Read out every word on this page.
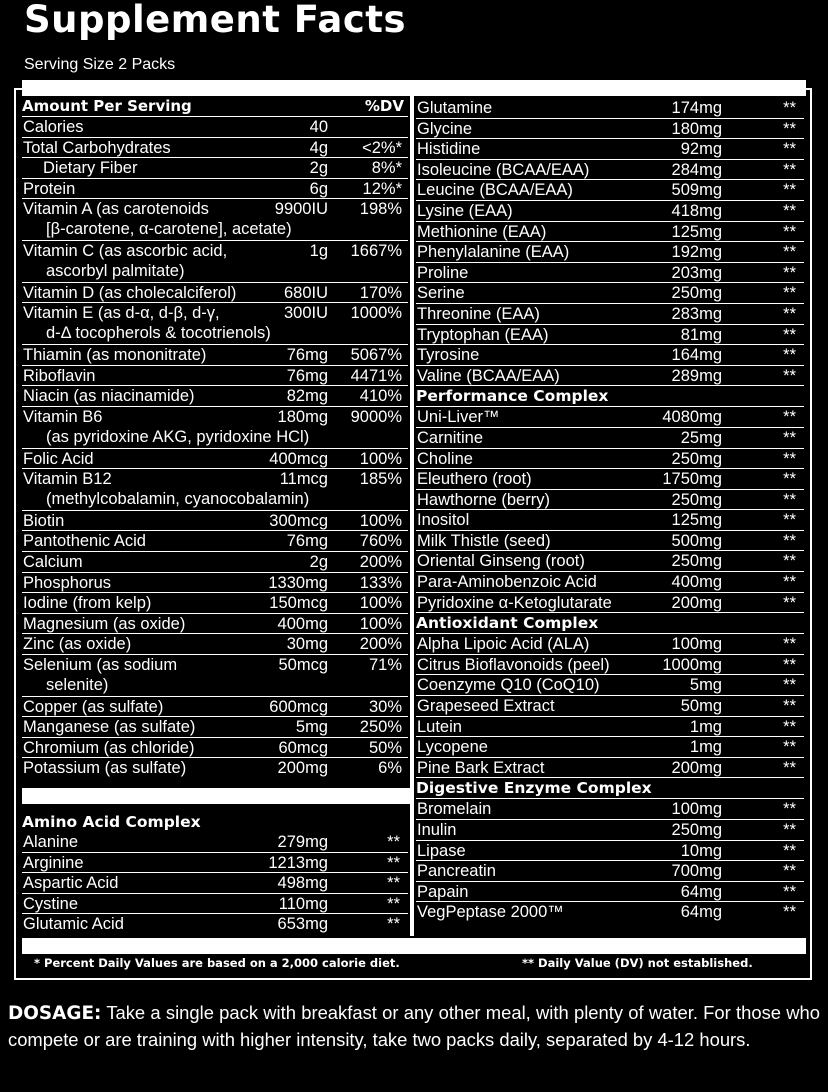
Supplement Facts
Serving Size 2 Packs
Amount Per Serving	%DV
Calories	40
Total Carbohydrates	4g <2%*
Dietary Fiber	2g	8%*
Protein	6g 12%*
Vitamin A (as carotenoids
[β-carotene, α-carotene], acetate)
9900IU 198%
Vitamin C (as ascorbic acid,
ascorbyl palmitate)
1g 1667%
Vitamin D (as cholecalciferol)	680IU 170%
Vitamin E (as d-α, d-β, d-γ,
d-Δ tocopherols & tocotrienols)
300IU 1000%
Thiamin (as mononitrate)	76mg 5067%
Riboflavin	76mg 4471%
Niacin (as niacinamide)	82mg 410%
Vitamin B6
(as pyridoxine AKG, pyridoxine HCl)
180mg 9000%
Folic Acid	400mcg 100%
Vitamin B12
(methylcobalamin, cyanocobalamin)
11mcg 185%
Biotin	300mcg 100%
Pantothenic Acid	76mg 760%
Calcium	2g 200%
Phosphorus	1330mg 133%
Iodine (from kelp)	150mcg 100%
Magnesium (as oxide)	400mg 100%
Zinc (as oxide)	30mg 200%
Selenium (as sodium
selenite)
50mcg 71%
Copper (as sulfate)	600mcg 30%
Manganese (as sulfate)	5mg 250%
Chromium (as chloride)	60mcg 50%
Potassium (as sulfate)	200mg	6%
Amino Acid Complex
Alanine	279mg	**
Arginine	1213mg	**
Aspartic Acid	498mg	**
Cystine	110mg	**
Glutamic Acid	653mg	**
Glutamine	174mg	**
Glycine	180mg	**
Histidine	92mg	**
Isoleucine (BCAA/EAA)	284mg	**
Leucine (BCAA/EAA)	509mg	**
Lysine (EAA)	418mg	**
Methionine (EAA)	125mg	**
Phenylalanine (EAA)	192mg	**
Proline	203mg	**
Serine	250mg	**
Threonine (EAA)	283mg	**
Tryptophan (EAA)	81mg	**
Tyrosine	164mg	**
Valine (BCAA/EAA)	289mg	**
Performance Complex
Uni-Liver™	4080mg	**
Carnitine	25mg	**
Choline	250mg	**
Eleuthero (root)	1750mg	**
Hawthorne (berry)	250mg	**
Inositol	125mg	**
Milk Thistle (seed)	500mg	**
Oriental Ginseng (root)	250mg	**
Para-Aminobenzoic Acid	400mg	**
Pyridoxine α-Ketoglutarate	200mg	**
Antioxidant Complex
Alpha Lipoic Acid (ALA)	100mg	**
Citrus Bioflavonoids (peel)	1000mg	**
Coenzyme Q10 (CoQ10)	5mg	**
Grapeseed Extract	50mg	**
Lutein	1mg	**
Lycopene	1mg	**
Pine Bark Extract	200mg	**
Digestive Enzyme Complex
Bromelain	100mg	**
Inulin	250mg	**
Lipase	10mg	**
Pancreatin	700mg	**
Papain	64mg	**
VegPeptase 2000™	64mg	**
* Percent Daily Values are based on a 2,000 calorie diet.	** Daily Value (DV) not established.
DOSAGE: Take a single pack with breakfast or any other meal, with plenty of water. For those who compete or are training with higher intensity, take two packs daily, separated by 4-12 hours.
